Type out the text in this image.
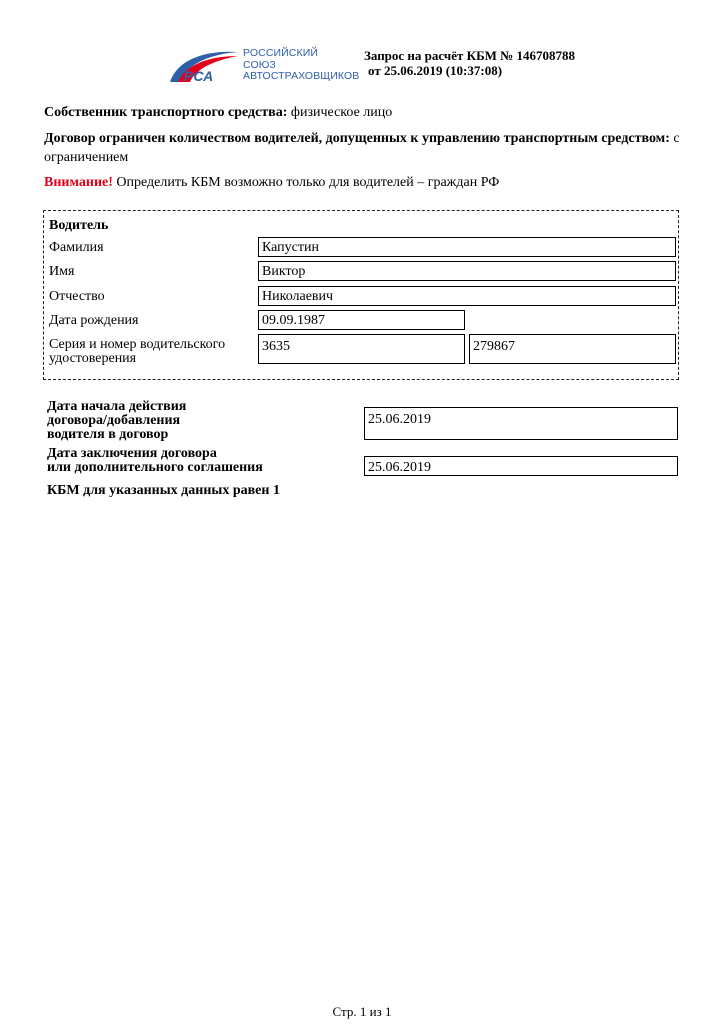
РСА
РОССИЙСКИЙ
СОЮЗ
АВТОСТРАХОВЩИКОВ
Запрос на расчёт КБМ № 146708788
от 25.06.2019 (10:37:08)
Собственник транспортного средства: физическое лицо
Договор ограничен количеством водителей, допущенных к управлению транспортным средством: с ограничением
Внимание! Определить КБМ возможно только для водителей – граждан РФ
Водитель
Фамилия	Капустин
Имя	Виктор
Отчество	Николаевич
Дата рождения	09.09.1987
Серия и номер водительского
удостоверения
3635	279867
Дата начала действия
договора/добавления
водителя в договор
25.06.2019
Дата заключения договора
или дополнительного соглашения	25.06.2019
КБМ для указанных данных равен 1
Стр. 1 из 1
